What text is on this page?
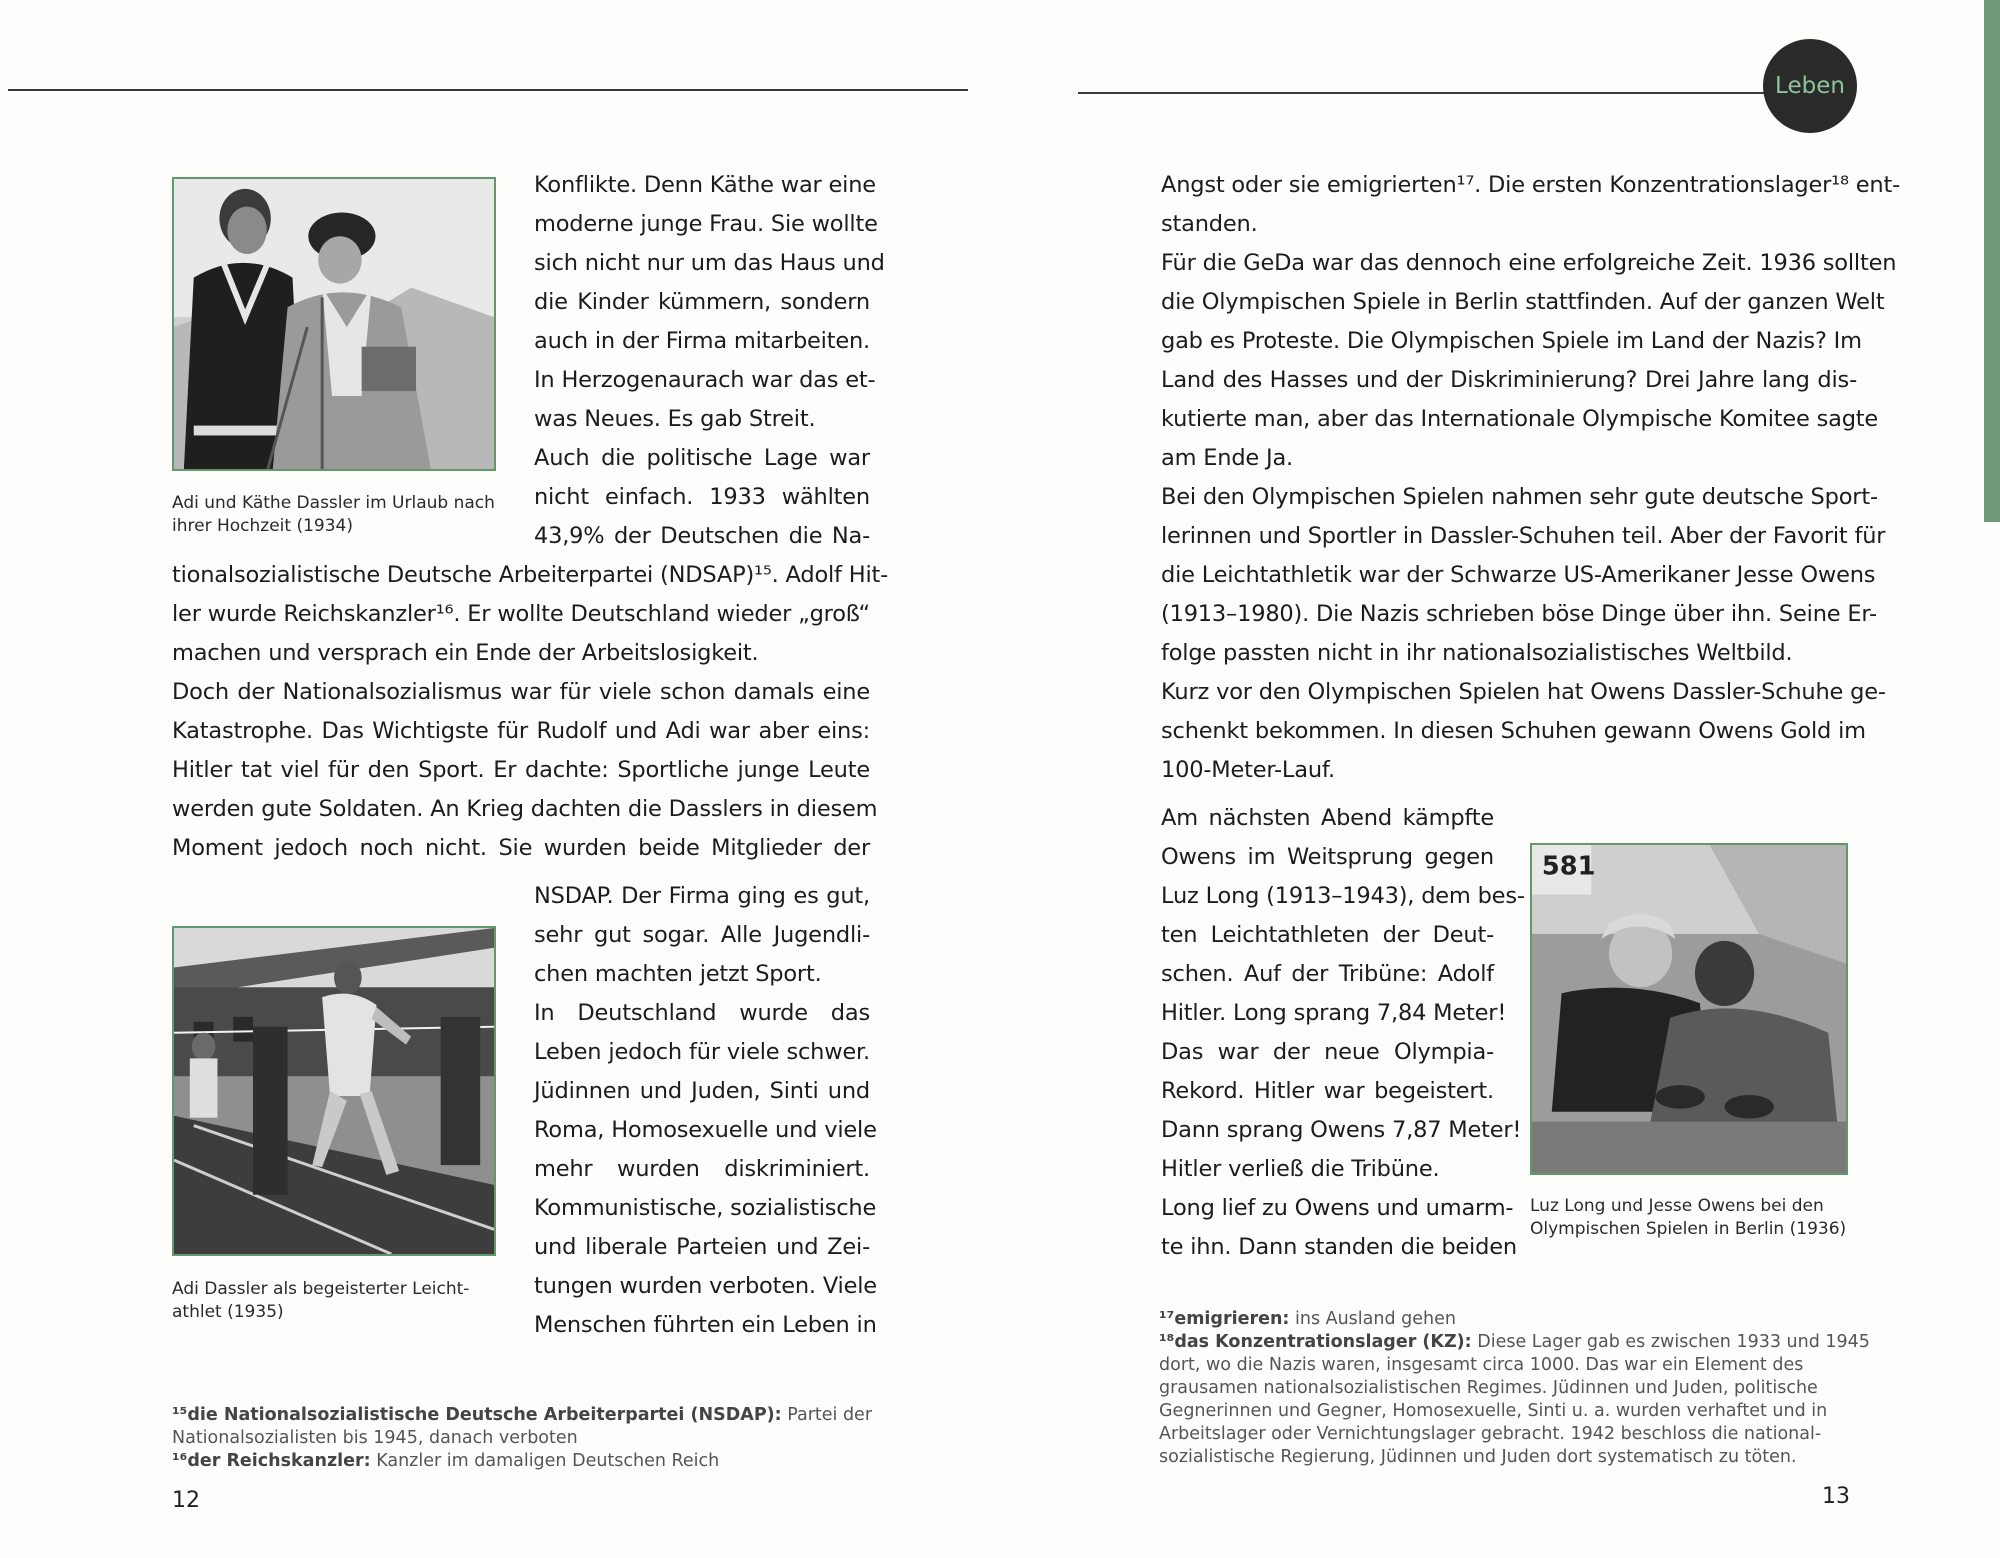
Leben
Adi und Käthe Dassler im Urlaub nach
ihrer Hochzeit (1934)
Konflikte. Denn Käthe war eine
moderne junge Frau. Sie wollte
sich nicht nur um das Haus und
die Kinder kümmern, sondern
auch in der Firma mitarbeiten.
In Herzogenaurach war das et-
was Neues. Es gab Streit.
Auch die politische Lage war
nicht einfach. 1933 wählten
43,9% der Deutschen die Na-
tionalsozialistische Deutsche Arbeiterpartei (NDSAP)¹⁵. Adolf Hit-
ler wurde Reichskanzler¹⁶. Er wollte Deutschland wieder „groß“
machen und versprach ein Ende der Arbeitslosigkeit.
Doch der Nationalsozialismus war für viele schon damals eine
Katastrophe. Das Wichtigste für Rudolf und Adi war aber eins:
Hitler tat viel für den Sport. Er dachte: Sportliche junge Leute
werden gute Soldaten. An Krieg dachten die Dasslers in diesem
Moment jedoch noch nicht. Sie wurden beide Mitglieder der
Adi Dassler als begeisterter Leicht-
athlet (1935)
NSDAP. Der Firma ging es gut,
sehr gut sogar. Alle Jugendli-
chen machten jetzt Sport.
In Deutschland wurde das
Leben jedoch für viele schwer.
Jüdinnen und Juden, Sinti und
Roma, Homosexuelle und viele
mehr wurden diskriminiert.
Kommunistische, sozialistische
und liberale Parteien und Zei-
tungen wurden verboten. Viele
Menschen führten ein Leben in
¹⁵die Nationalsozialistische Deutsche Arbeiterpartei (NSDAP): Partei der
Nationalsozialisten bis 1945, danach verboten
¹⁶der Reichskanzler: Kanzler im damaligen Deutschen Reich
12
Angst oder sie emigrierten¹⁷. Die ersten Konzentrationslager¹⁸ ent-
standen.
Für die GeDa war das dennoch eine erfolgreiche Zeit. 1936 sollten
die Olympischen Spiele in Berlin stattfinden. Auf der ganzen Welt
gab es Proteste. Die Olympischen Spiele im Land der Nazis? Im
Land des Hasses und der Diskriminierung? Drei Jahre lang dis-
kutierte man, aber das Internationale Olympische Komitee sagte
am Ende Ja.
Bei den Olympischen Spielen nahmen sehr gute deutsche Sport-
lerinnen und Sportler in Dassler-Schuhen teil. Aber der Favorit für
die Leichtathletik war der Schwarze US-Amerikaner Jesse Owens
(1913–1980). Die Nazis schrieben böse Dinge über ihn. Seine Er-
folge passten nicht in ihr nationalsozialistisches Weltbild.
Kurz vor den Olympischen Spielen hat Owens Dassler-Schuhe ge-
schenkt bekommen. In diesen Schuhen gewann Owens Gold im
100-Meter-Lauf.
Am nächsten Abend kämpfte
Owens im Weitsprung gegen
Luz Long (1913–1943), dem bes-
ten Leichtathleten der Deut-
schen. Auf der Tribüne: Adolf
Hitler. Long sprang 7,84 Meter!
Das war der neue Olympia-
Rekord. Hitler war begeistert.
Dann sprang Owens 7,87 Meter!
Hitler verließ die Tribüne.
Long lief zu Owens und umarm-
te ihn. Dann standen die beiden
581
Luz Long und Jesse Owens bei den
Olympischen Spielen in Berlin (1936)
¹⁷emigrieren: ins Ausland gehen
¹⁸das Konzentrationslager (KZ): Diese Lager gab es zwischen 1933 und 1945
dort, wo die Nazis waren, insgesamt circa 1000. Das war ein Element des
grausamen nationalsozialistischen Regimes. Jüdinnen und Juden, politische
Gegnerinnen und Gegner, Homosexuelle, Sinti u. a. wurden verhaftet und in
Arbeitslager oder Vernichtungslager gebracht. 1942 beschloss die national-
sozialistische Regierung, Jüdinnen und Juden dort systematisch zu töten.
13
